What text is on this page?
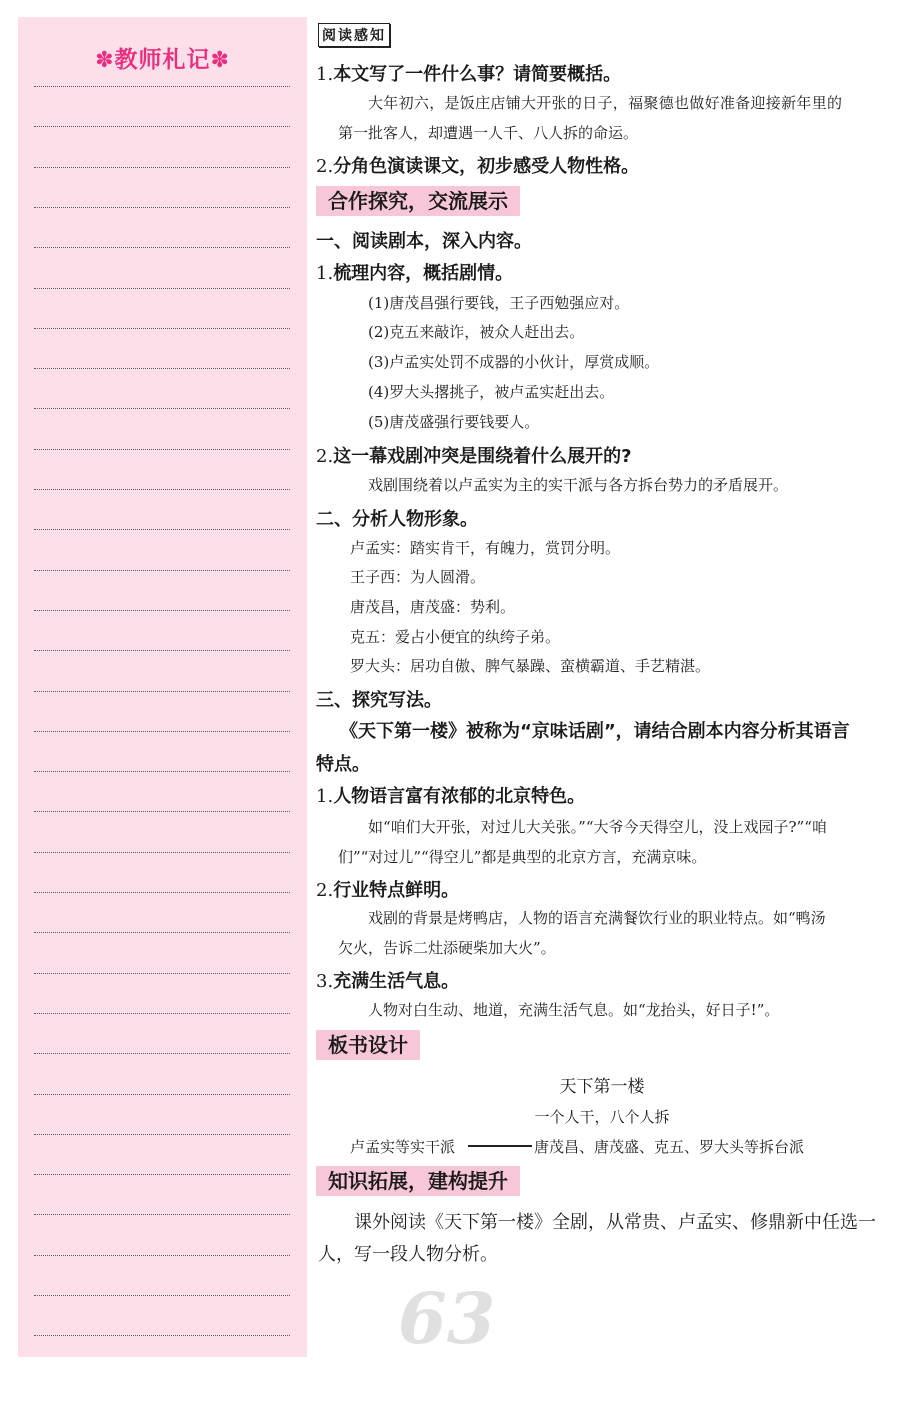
✽教师札记✽
阅读感知
1.本文写了一件什么事？请简要概括。
大年初六，是饭庄店铺大开张的日子，福聚德也做好准备迎接新年里的
第一批客人，却遭遇一人千、八人拆的命运。
2.分角色演读课文，初步感受人物性格。
合作探究，交流展示
一、阅读剧本，深入内容。
1.梳理内容，概括剧情。
(1)唐茂昌强行要钱，王子西勉强应对。
(2)克五来敲诈，被众人赶出去。
(3)卢孟实处罚不成器的小伙计，厚赏成顺。
(4)罗大头撂挑子，被卢孟实赶出去。
(5)唐茂盛强行要钱要人。
2.这一幕戏剧冲突是围绕着什么展开的?
戏剧围绕着以卢孟实为主的实干派与各方拆台势力的矛盾展开。
二、分析人物形象。
卢孟实：踏实肯干，有魄力，赏罚分明。
王子西：为人圆滑。
唐茂昌，唐茂盛：势利。
克五：爱占小便宜的纨绔子弟。
罗大头：居功自傲、脾气暴躁、蛮横霸道、手艺精湛。
三、探究写法。
《天下第一楼》被称为“京味话剧”，请结合剧本内容分析其语言
特点。
1.人物语言富有浓郁的北京特色。
如“咱们大开张，对过儿大关张。”“大爷今天得空儿，没上戏园子?”“咱
们”“对过儿”“得空儿”都是典型的北京方言，充满京味。
2.行业特点鲜明。
戏剧的背景是烤鸭店，人物的语言充满餐饮行业的职业特点。如“鸭汤
欠火，告诉二灶添硬柴加大火”。
3.充满生活气息。
人物对白生动、地道，充满生活气息。如“龙抬头，好日子!”。
板书设计
天下第一楼
一个人干，八个人拆
卢孟实等实干派	唐茂昌、唐茂盛、克五、罗大头等拆台派
知识拓展，建构提升
课外阅读《天下第一楼》全剧，从常贵、卢孟实、修鼎新中任选一
人，写一段人物分析。
63
